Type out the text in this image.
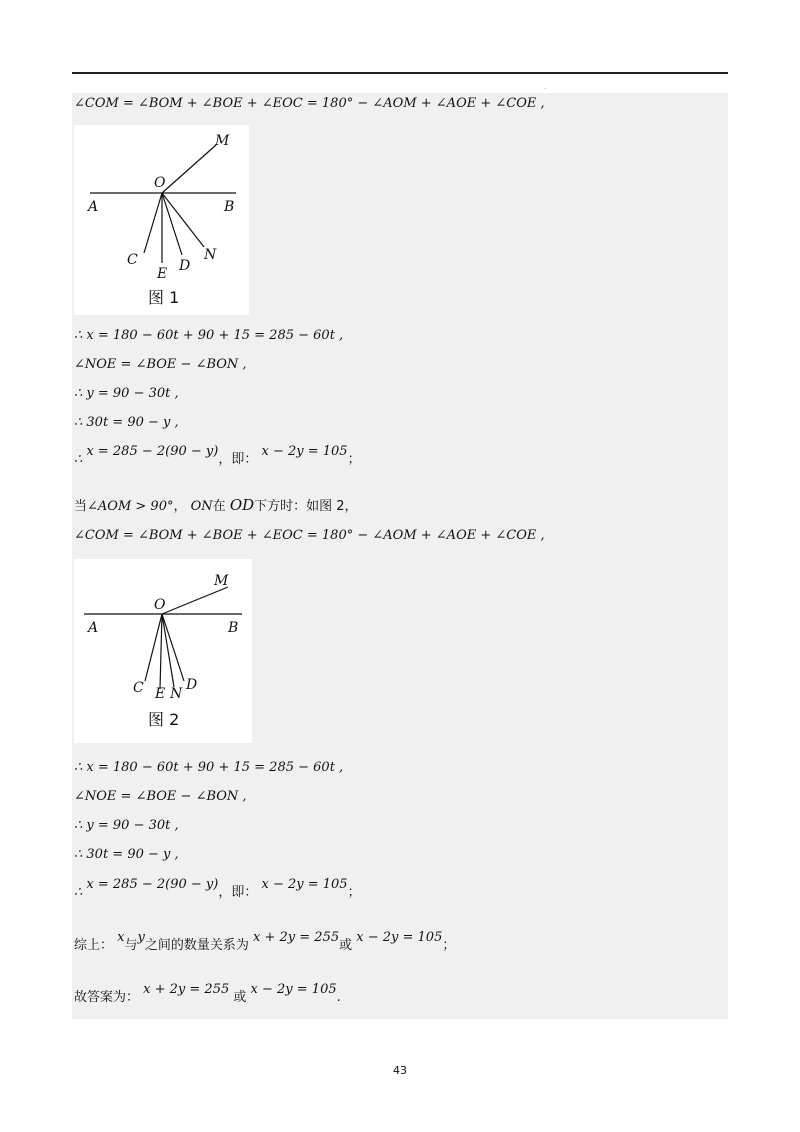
.
∠COM = ∠BOM + ∠BOE + ∠EOC = 180° − ∠AOM + ∠AOE + ∠COE ,
O
A	B
M
C
E D
N
图 1
∴ x = 180 − 60t + 90 + 15 = 285 − 60t ,
∠NOE = ∠BOE − ∠BON ,
∴ y = 90 − 30t ,
∴ 30t = 90 − y ,
∴ x = 285 − 2(90 − y)，即： x − 2y = 105；
当∠AOM > 90°， ON在 OD下方时：如图 2，
∠COM = ∠BOM + ∠BOE + ∠EOC = 180° − ∠AOM + ∠AOE + ∠COE ,
O
A	B
M
C E N
D
图 2
∴ x = 180 − 60t + 90 + 15 = 285 − 60t ,
∠NOE = ∠BOE − ∠BON ,
∴ y = 90 − 30t ,
∴ 30t = 90 − y ,
∴ x = 285 − 2(90 − y)，即： x − 2y = 105；
综上： x与y之间的数量关系为 x + 2y = 255或 x − 2y = 105；
故答案为： x + 2y = 255 或 x − 2y = 105.
43
